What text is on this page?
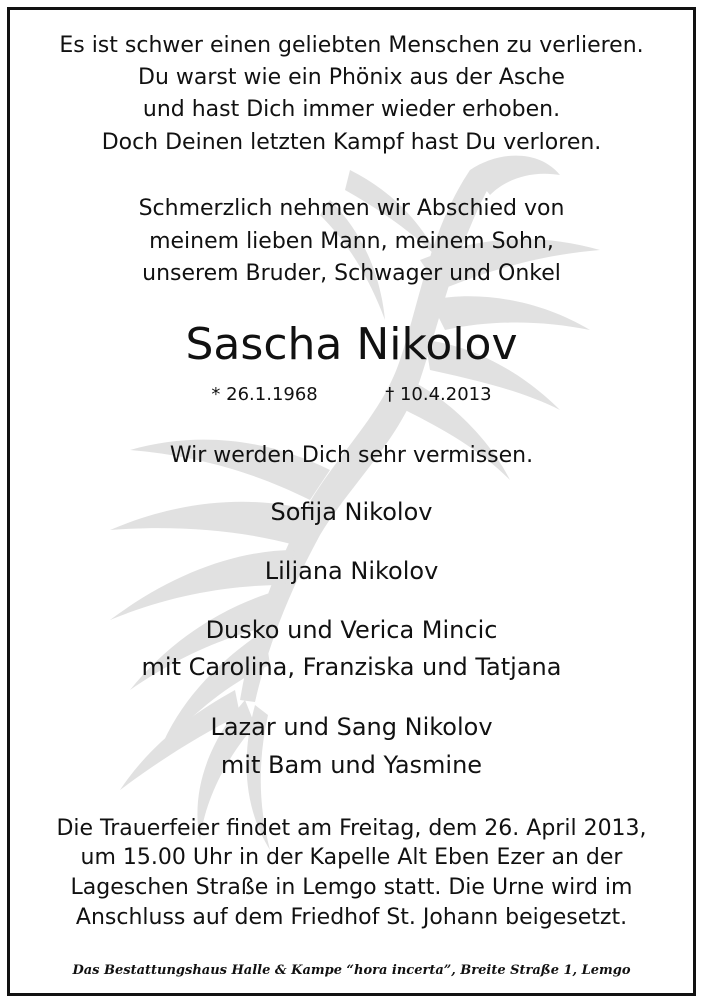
Es ist schwer einen geliebten Menschen zu verlieren.
Du warst wie ein Phönix aus der Asche
und hast Dich immer wieder erhoben.
Doch Deinen letzten Kampf hast Du verloren.
Schmerzlich nehmen wir Abschied von
meinem lieben Mann, meinem Sohn,
unserem Bruder, Schwager und Onkel
Sascha Nikolov
* 26.1.1968	† 10.4.2013
Wir werden Dich sehr vermissen.
Sofija Nikolov
Liljana Nikolov
Dusko und Verica Mincic
mit Carolina, Franziska und Tatjana
Lazar und Sang Nikolov
mit Bam und Yasmine
Die Trauerfeier findet am Freitag, dem 26. April 2013,
um 15.00 Uhr in der Kapelle Alt Eben Ezer an der
Lageschen Straße in Lemgo statt. Die Urne wird im
Anschluss auf dem Friedhof St. Johann beigesetzt.
Das Bestattungshaus Halle & Kampe “hora incerta”, Breite Straße 1, Lemgo
